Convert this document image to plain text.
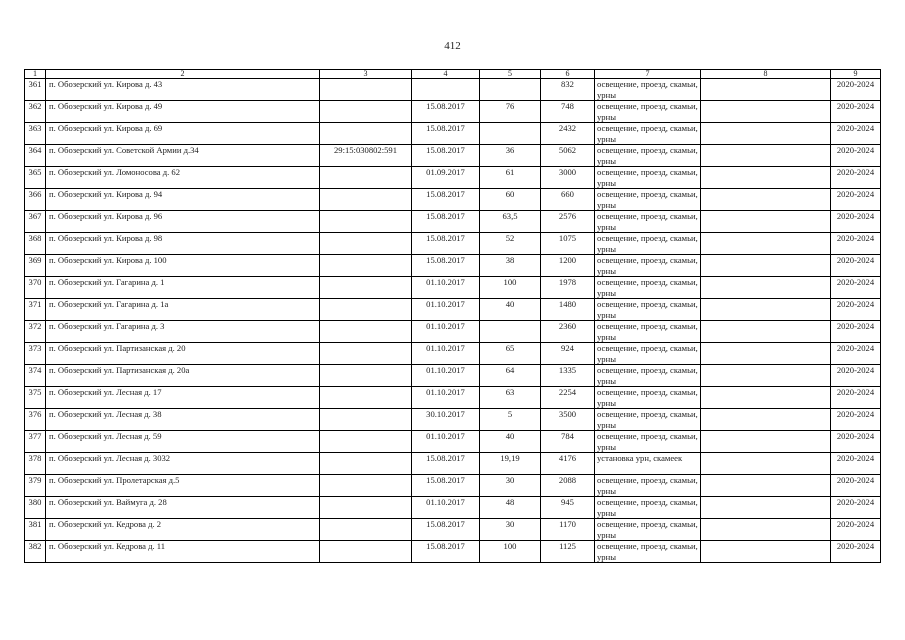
412
1	2	3	4	5	6	7	8	9
361	п. Обозерский ул. Кирова д. 43				832	освещение, проезд, скамьи, урны		2020-2024
362	п. Обозерский ул. Кирова д. 49		15.08.2017	76	748	освещение, проезд, скамьи, урны		2020-2024
363	п. Обозерский ул. Кирова д. 69		15.08.2017		2432	освещение, проезд, скамьи, урны		2020-2024
364	п. Обозерский ул. Советской Армии д.34	29:15:030802:591	15.08.2017	36	5062	освещение, проезд, скамьи, урны		2020-2024
365	п. Обозерский ул. Ломоносова д. 62		01.09.2017	61	3000	освещение, проезд, скамьи, урны		2020-2024
366	п. Обозерский ул. Кирова д. 94		15.08.2017	60	660	освещение, проезд, скамьи, урны		2020-2024
367	п. Обозерский ул. Кирова д. 96		15.08.2017	63,5	2576	освещение, проезд, скамьи, урны		2020-2024
368	п. Обозерский ул. Кирова д. 98		15.08.2017	52	1075	освещение, проезд, скамьи, урны		2020-2024
369	п. Обозерский ул. Кирова д. 100		15.08.2017	38	1200	освещение, проезд, скамьи, урны		2020-2024
370	п. Обозерский ул. Гагарина д. 1		01.10.2017	100	1978	освещение, проезд, скамьи, урны		2020-2024
371	п. Обозерский ул. Гагарина д. 1а		01.10.2017	40	1480	освещение, проезд, скамьи, урны		2020-2024
372	п. Обозерский ул. Гагарина д. 3		01.10.2017		2360	освещение, проезд, скамьи, урны		2020-2024
373	п. Обозерский ул. Партизанская д. 20		01.10.2017	65	924	освещение, проезд, скамьи, урны		2020-2024
374	п. Обозерский ул. Партизанская д. 20а		01.10.2017	64	1335	освещение, проезд, скамьи, урны		2020-2024
375	п. Обозерский ул. Лесная д. 17		01.10.2017	63	2254	освещение, проезд, скамьи, урны		2020-2024
376	п. Обозерский ул. Лесная д. 38		30.10.2017	5	3500	освещение, проезд, скамьи, урны		2020-2024
377	п. Обозерский ул. Лесная д. 59		01.10.2017	40	784	освещение, проезд, скамьи, урны		2020-2024
378	п. Обозерский ул. Лесная д. 3032		15.08.2017	19,19	4176	установка урн, скамеек		2020-2024
379	п. Обозерский ул. Пролетарская д.5		15.08.2017	30	2088	освещение, проезд, скамьи, урны		2020-2024
380	п. Обозерский ул. Ваймуга д. 28		01.10.2017	48	945	освещение, проезд, скамьи, урны		2020-2024
381	п. Обозерский ул. Кедрова д. 2		15.08.2017	30	1170	освещение, проезд, скамьи, урны		2020-2024
382	п. Обозерский ул. Кедрова д. 11		15.08.2017	100	1125	освещение, проезд, скамьи, урны		2020-2024
